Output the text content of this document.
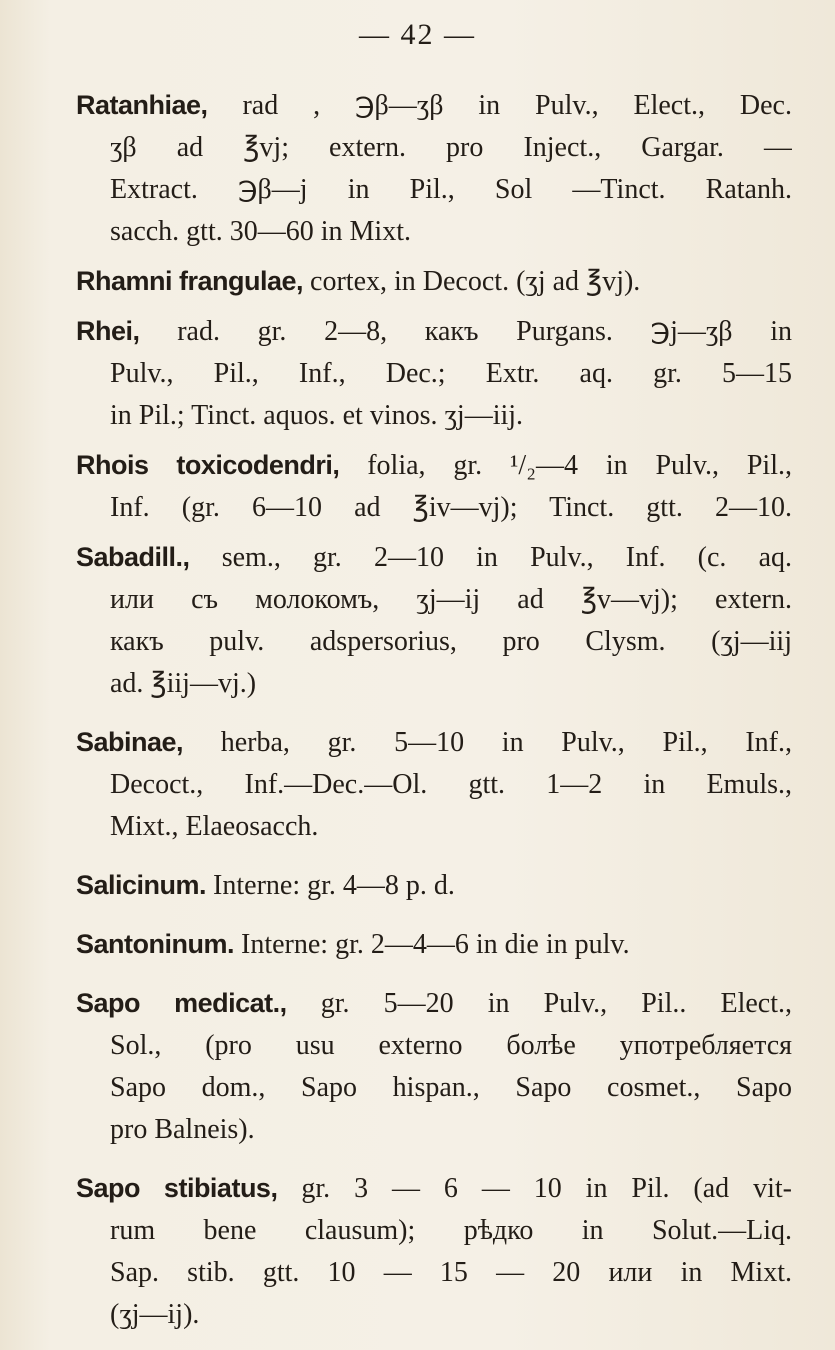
— 42 —
Ratanhiae, rad , ℈β—ʒβ in Pulv., Elect., Dec.
ʒβ ad ℥vj; extern. pro Inject., Gargar. —
Extract. ℈β—j in Pil., Sol —Tinct. Ratanh.
sacch. gtt. 30—60 in Mixt.
Rhamni frangulae, cortex, in Decoct. (ʒj ad ℥vj).
Rhei, rad. gr. 2—8, какъ Purgans. ℈j—ʒβ in
Pulv., Pil., Inf., Dec.; Extr. aq. gr. 5—15
in Pil.; Tinct. aquos. et vinos. ʒj—iij.
Rhois toxicodendri, folia, gr. ¹/₂—4 in Pulv., Pil.,
Inf. (gr. 6—10 ad ℥iv—vj); Tinct. gtt. 2—10.
Sabadill., sem., gr. 2—10 in Pulv., Inf. (c. aq.
или съ молокомъ, ʒj—ij ad ℥v—vj); extern.
какъ pulv. adspersorius, pro Clysm. (ʒj—iij
ad. ℥iij—vj.)
Sabinae, herba, gr. 5—10 in Pulv., Pil., Inf.,
Decoct., Inf.—Dec.—Ol. gtt. 1—2 in Emuls.,
Mixt., Elaeosacch.
Salicinum. Interne: gr. 4—8 p. d.
Santoninum. Interne: gr. 2—4—6 in die in pulv.
Sapo medicat., gr. 5—20 in Pulv., Pil.. Elect.,
Sol., (pro usu externo болѣе употребляется
Sapo dom., Sapo hispan., Sapo cosmet., Sapo
pro Balneis).
Sapo stibiatus, gr. 3 — 6 — 10 in Pil. (ad vit-
rum bene clausum); рѣдко in Solut.—Liq.
Sap. stib. gtt. 10 — 15 — 20 или in Mixt.
(ʒj—ij).
